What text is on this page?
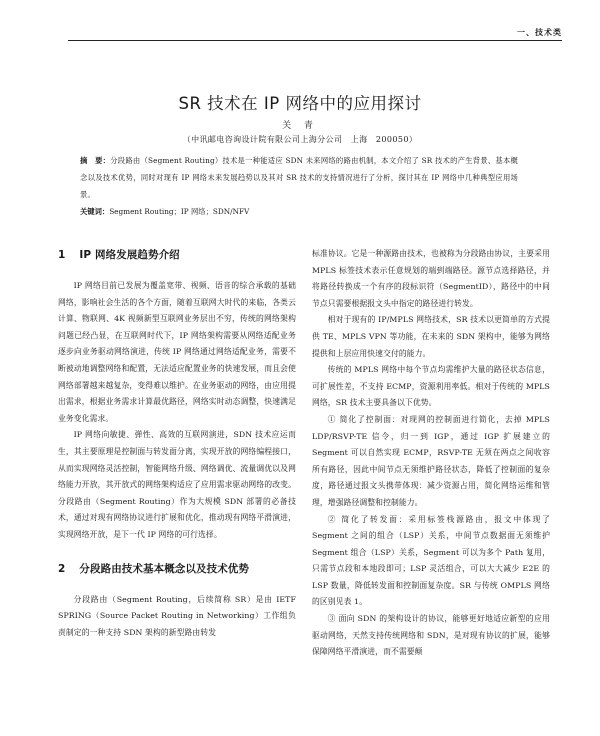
一、技术类
SR 技术在 IP 网络中的应用探讨
关 青
（中讯邮电咨询设计院有限公司上海分公司　上海　200050）
摘　要：分段路由（Segment Routing）技术是一种能适应 SDN 未来网络的路由机制，本文介绍了 SR 技术的产生背景、基本概念以及技术优势，同时对现有 IP 网络未来发展趋势以及其对 SR 技术的支持情况进行了分析，探讨其在 IP 网络中几种典型应用场景。
关键词：Segment Routing；IP 网络；SDN/NFV
1 IP 网络发展趋势介绍

IP 网络目前已发展为覆盖宽带、视频、语音的综合承载的基础网络，影响社会生活的各个方面，随着互联网大时代的来临，各类云计算、物联网、4K 视频新型互联网业务层出不穷，传统的网络架构问题已经凸显，在互联网时代下，IP 网络架构需要从网络适配业务逐步向业务驱动网络演进，传统 IP 网络通过网络适配业务，需要不断被动地调整网络和配置，无法适应配置业务的快速发展，而且会使网络部署越来越复杂，变得难以维护。在业务驱动的网络，由应用提出需求，根据业务需求计算最优路径，网络实时动态调整，快速满足业务变化需求。

IP 网络向敏捷、弹性、高效的互联网演进，SDN 技术应运而生，其主要原理是控制面与转发面分离，实现开放的网络编程接口，从而实现网络灵活控制，智能网络升级、网络调优、流量调优以及网络能力开放，其开放式的网络架构适应了应用需求驱动网络的改变。分段路由（Segment Routing）作为大规模 SDN 部署的必备技术，通过对现有网络协议进行扩展和优化，推动现有网络平滑演进，实现网络开放，是下一代 IP 网络的可行选择。

2 分段路由技术基本概念以及技术优势

分段路由（Segment Routing，后续简称 SR）是由 IETF SPRING（Source Packet Routing in Networking）工作组负责制定的一种支持 SDN 架构的新型路由转发

标准协议。它是一种源路由技术，也被称为分段路由协议，主要采用 MPLS 标签技术表示任意规划的端到端路径。源节点选择路径，并将路径转换成一个有序的段标识符（SegmentID），路径中的中间节点只需要根据报文头中指定的路径进行转发。

相对于现有的 IP/MPLS 网络技术，SR 技术以更简单的方式提供 TE、MPLS VPN 等功能，在未来的 SDN 架构中，能够为网络提供和上层应用快速交付的能力。

传统的 MPLS 网络中每个节点均需维护大量的路径状态信息，可扩展性差，不支持 ECMP，资源利用率低。相对于传统的 MPLS 网络，SR 技术主要具备以下优势。

① 简化了控制面：对现网的控制面进行简化，去掉 MPLS LDP/RSVP-TE 信令，归一到 IGP，通过 IGP 扩展建立的 Segment 可以自然实现 ECMP，RSVP-TE 无须在两点之间收容所有路径，因此中间节点无须维护路径状态，降低了控制面的复杂度，路径通过报文头携带体现：减少资源占用，简化网络运维和管理，增强路径调整和控制能力。

② 简化了转发面：采用标签栈源路由，报文中体现了 Segment 之间的组合（LSP）关系，中间节点数据面无须维护 Segment 组合（LSP）关系，Segment 可以为多个 Path 复用，只需节点段和本地段即可；LSP 灵活组合，可以大大减少 E2E 的 LSP 数量，降低转发面和控制面复杂度。SR 与传统 OMPLS 网络的区别见表 1。

③ 面向 SDN 的架构设计的协议，能够更好地适应新型的应用驱动网络，天然支持传统网络和 SDN，是对现有协议的扩展，能够保障网络平滑演进，而不需要颠
